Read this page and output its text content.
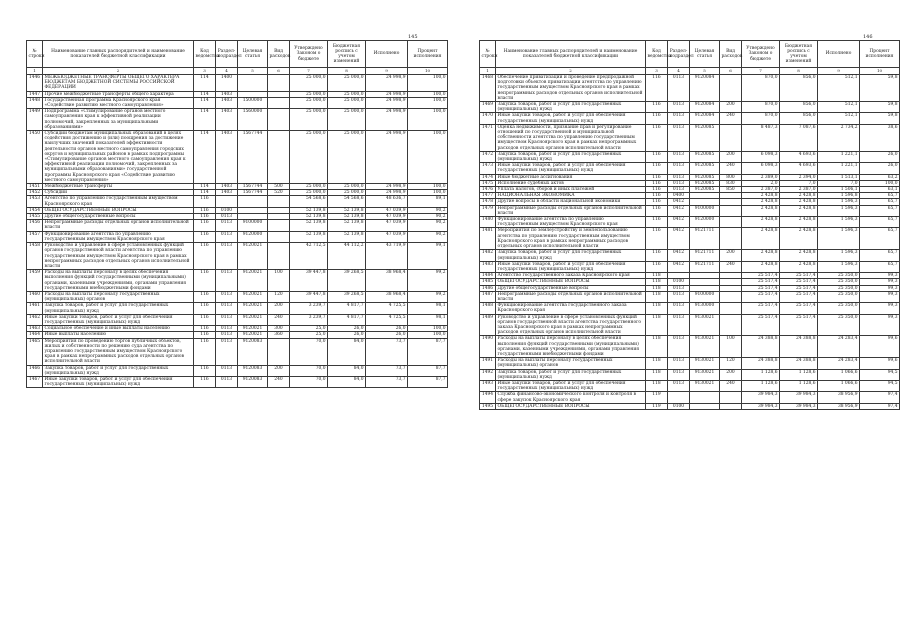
145
№ строки	Наименование главных распорядителей и наименование показателей бюджетной классификации	Код ведомства	Раздел-подраздел	Целевая статья	Вид расходов	Утверждено Законом о бюджете	Бюджетная роспись с учетом изменений	Исполнено	Процент исполнения
1	2	3	4	5	6	7	8	9	10
1446	МЕЖБЮДЖЕТНЫЕ ТРАНСФЕРТЫ ОБЩЕГО ХАРАКТЕРА БЮДЖЕТАМ БЮДЖЕТНОЙ СИСТЕМЫ РОССИЙСКОЙ ФЕДЕРАЦИИ	114	1400			25 000,0	25 000,0	24 998,9	100,0
1447	Прочие межбюджетные трансферты общего характера	114	1403			25 000,0	25 000,0	24 998,9	100,0
1448	Государственная программа Красноярского края «Содействие развитию местного самоуправления»	114	1403	1500000		25 000,0	25 000,0	24 998,9	100,0
1449	Подпрограмма «Стимулирование органов местного самоуправления края к эффективной реализации полномочий, закрепленных за муниципальными образованиями»	114	1403	1560000		25 000,0	25 000,0	24 998,9	100,0
1450	Субсидии бюджетам муниципальных образований в целях содействия достижению и (или) поощрения за достижение наилучших значений показателей эффективности деятельности органов местного самоуправления городских округов и муниципальных районов в рамках подпрограммы «Стимулирование органов местного самоуправления края к эффективной реализации полномочий, закрепленных за муниципальными образованиями» государственной программы Красноярского края «Содействие развитию местного самоуправления»	114	1403	1567744		25 000,0	25 000,0	24 998,9	100,0
1451	Межбюджетные трансферты	114	1403	1567744	500	25 000,0	25 000,0	24 998,9	100,0
1452	Субсидии	114	1403	1567744	520	25 000,0	25 000,0	24 998,9	100,0
1453	Агентство по управлению государственным имуществом Красноярского края	116				54 568,6	54 568,6	48 636,7	89,1
1454	ОБЩЕГОСУДАРСТВЕННЫЕ ВОПРОСЫ	116	0100			52 139,8	52 139,8	47 039,9	90,2
1455	Другие общегосударственные вопросы	116	0113			52 139,8	52 139,8	47 039,9	90,2
1456	Непрограммные расходы отдельных органов исполнительной власти	116	0113	9100000		52 139,8	52 139,8	47 039,9	90,2
1457	Функционирование агентства по управлению государственным имуществом Красноярского края	116	0113	9120000		52 139,8	52 139,8	47 039,9	90,2
1458	Руководство и управление в сфере установленных функций органов государственной власти агентства по управлению государственным имуществом Красноярского края в рамках непрограммных расходов отдельных органов исполнительной власти	116	0113	9120021		42 712,5	44 112,2	43 719,9	99,1
1459	Расходы на выплаты персоналу в целях обеспечения выполнения функций государственными (муниципальными) органами, казенными учреждениями, органами управления государственными внебюджетными фондами	116	0113	9120021	100	39 447,8	39 268,5	38 968,4	99,2
1460	Расходы на выплаты персоналу государственных (муниципальных) органов	116	0113	9120021	120	39 447,8	39 268,5	38 968,4	99,2
1461	Закупка товаров, работ и услуг для государственных (муниципальных) нужд	116	0113	9120021	200	3 239,7	4 817,7	4 725,5	98,1
1462	Иные закупки товаров, работ и услуг для обеспечения государственных (муниципальных) нужд	116	0113	9120021	240	3 239,7	4 817,7	4 725,5	98,1
1463	Социальное обеспечение и иные выплаты населению	116	0113	9120021	300	25,0	26,0	26,0	100,0
1464	Иные выплаты населению	116	0113	9120021	360	25,0	26,0	26,0	100,0
1465	Мероприятия по проведению торгов публичных объектов, жилых и собственности по решению суда агентства по управлению государственным имуществом Красноярского края в рамках непрограммных расходов отдельных органов исполнительной власти	116	0113	9120083		70,0	84,0	73,7	87,7
1466	Закупка товаров, работ и услуг для государственных (муниципальных) нужд	116	0113	9120083	200	70,0	84,0	73,7	87,7
1467	Иные закупки товаров, работ и услуг для обеспечения государственных (муниципальных) нужд	116	0113	9120083	240	70,0	84,0	73,7	87,7
146
№ строки	Наименование главных распорядителей и наименование показателей бюджетной классификации	Код ведомства	Раздел-подраздел	Целевая статья	Вид расходов	Утверждено Законом о бюджете	Бюджетная роспись с учетом изменений	Исполнено	Процент исполнения
1	2	3	4	5	6	7	8	9	10
1468	Обеспечение приватизации и проведение предпродажной подготовки объектов приватизации агентства по управлению государственным имуществом Красноярского края в рамках непрограммных расходов отдельных органов исполнительной власти	116	0113	9120084		870,0	856,0	512,1	59,8
1469	Закупка товаров, работ и услуг для государственных (муниципальных) нужд	116	0113	9120084	200	870,0	856,0	512,1	59,8
1470	Иные закупки товаров, работ и услуг для обеспечения государственных (муниципальных) нужд	116	0113	9120084	240	870,0	856,0	512,1	59,8
1471	Оценка недвижимости, признание прав и регулирование отношений по государственной и муниципальной собственности агентства по управлению государственным имуществом Красноярского края в рамках непрограммных расходов отдельных органов исполнительной власти	116	0113	9120085		8 487,3	7 087,6	2 734,2	38,6
1472	Закупка товаров, работ и услуг для государственных (муниципальных) нужд	116	0113	9120085	200	6 098,3	4 693,6	1 221,1	26,0
1473	Иные закупки товаров, работ и услуг для обеспечения государственных (муниципальных) нужд	116	0113	9120085	240	6 098,3	4 693,6	1 221,1	26,0
1474	Иные бюджетные ассигнования	116	0113	9120085	800	2 389,0	2 394,0	1 513,1	63,2
1475	Исполнение судебных актов	116	0113	9120085	830	2,0	7,0	7,0	100,0
1476	Уплата налогов, сборов и иных платежей	116	0113	9120085	850	2 387,0	2 387,0	1 506,1	63,1
1477	НАЦИОНАЛЬНАЯ ЭКОНОМИКА	116	0400			2 428,8	2 428,8	1 596,8	65,7
1478	Другие вопросы в области национальной экономики	116	0412			2 428,8	2 428,8	1 596,3	65,7
1479	Непрограммные расходы отдельных органов исполнительной власти	116	0412	9100000		2 428,8	2 428,8	1 596,3	65,7
1480	Функционирование агентства по управлению государственным имуществом Красноярского края	116	0412	9120000		2 428,8	2 428,8	1 596,3	65,7
1481	Мероприятия по землеустройству и землепользованию агентства по управлению государственным имуществом Красноярского края в рамках непрограммных расходов отдельных органов исполнительной власти	116	0412	9121711		2 428,8	2 428,8	1 596,3	65,7
1482	Закупка товаров, работ и услуг для государственных (муниципальных) нужд	116	0412	9121711	200	2 428,8	2 428,8	1 596,3	65,7
1483	Иные закупки товаров, работ и услуг для обеспечения государственных (муниципальных) нужд	116	0412	9121711	240	2 428,8	2 428,8	1 596,3	65,7
1484	Агентство государственного заказа Красноярского края	118				25 517,4	25 517,4	25 350,0	99,3
1485	ОБЩЕГОСУДАРСТВЕННЫЕ ВОПРОСЫ	118	0100			25 517,4	25 517,4	25 350,0	99,3
1486	Другие общегосударственные вопросы	118	0113			25 517,4	25 517,4	25 350,0	99,3
1487	Непрограммные расходы отдельных органов исполнительной власти	118	0113	9100000		25 517,4	25 517,4	25 350,0	99,3
1488	Функционирование агентства государственного заказа Красноярского края	118	0113	9130000		25 517,4	25 517,4	25 350,0	99,3
1489	Руководство и управление в сфере установленных функций органов государственной власти агентства государственного заказа Красноярского края в рамках непрограммных расходов отдельных органов исполнительной власти	118	0113	9130021		25 517,4	25 517,4	25 350,0	99,3
1490	Расходы на выплаты персоналу в целях обеспечения выполнения функций государственными (муниципальными) органами, казенными учреждениями, органами управления государственными внебюджетными фондами	118	0113	9130021	100	24 388,8	24 388,8	24 283,4	99,6
1491	Расходы на выплаты персоналу государственных (муниципальных) органов	118	0113	9130021	120	24 388,8	24 388,8	24 283,4	99,6
1492	Закупка товаров, работ и услуг для государственных (муниципальных) нужд	118	0113	9130021	200	1 128,6	1 128,6	1 066,6	94,5
1493	Иные закупки товаров, работ и услуг для обеспечения государственных (муниципальных) нужд	118	0113	9130021	240	1 128,6	1 128,6	1 066,6	94,5
1494	Служба финансово-экономического контроля и контроля в сфере закупок Красноярского края	119				39 984,3	39 984,3	38 956,9	97,4
1495	ОБЩЕГОСУДАРСТВЕННЫЕ ВОПРОСЫ	119	0100			39 984,3	39 984,3	38 956,9	97,4
